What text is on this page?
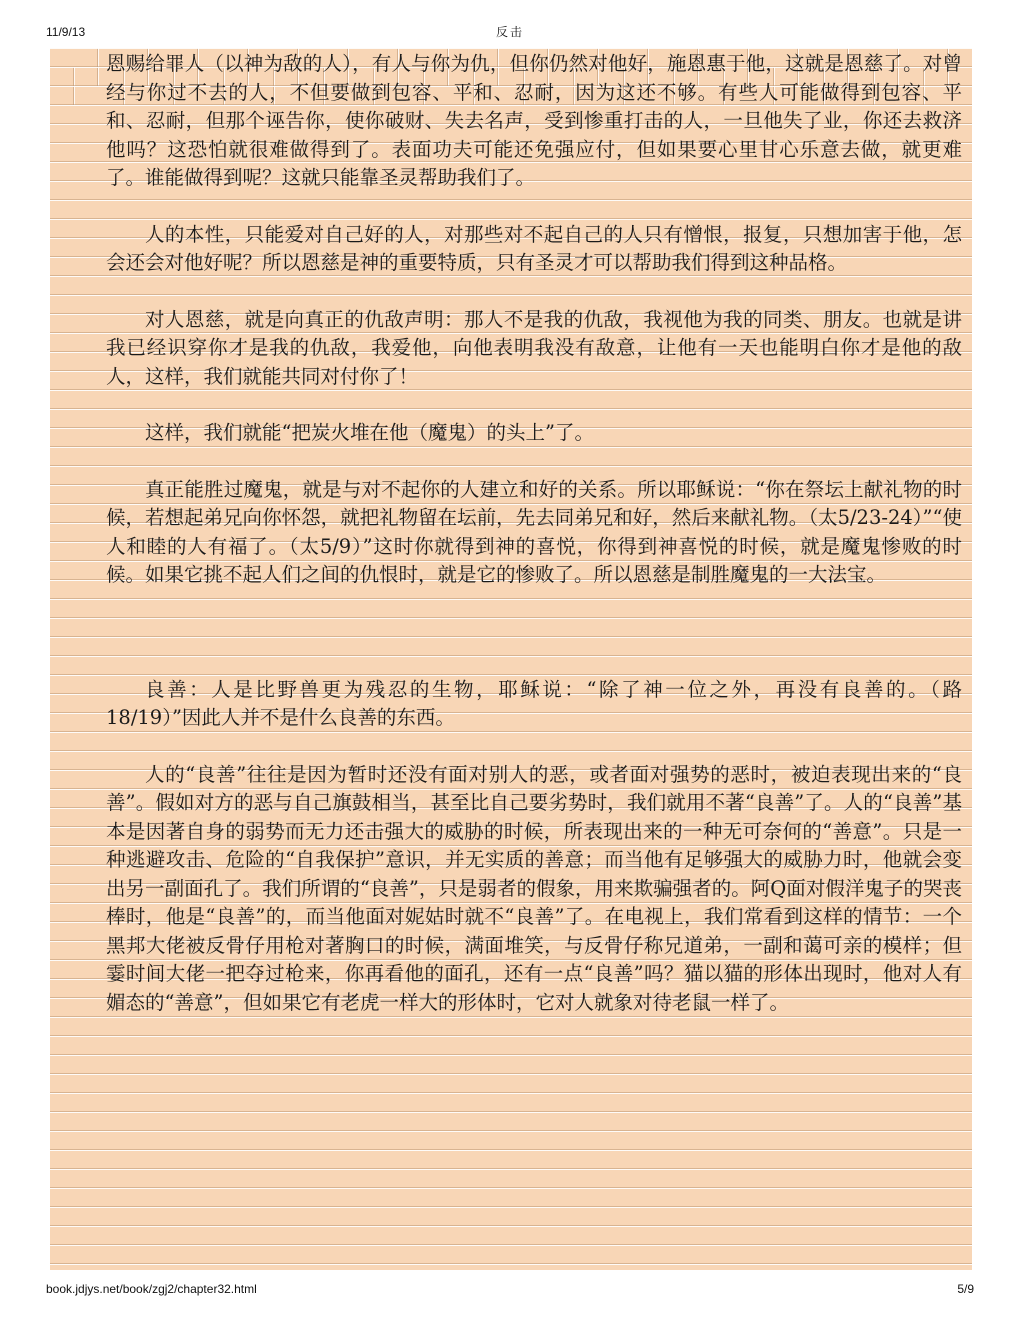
11/9/13	反击

恩赐给罪人（以神为敌的人），有人与你为仇，但你仍然对他好，施恩惠于他，这就是恩慈了。对曾经与你过不去的人，不但要做到包容、平和、忍耐，因为这还不够。有些人可能做得到包容、平和、忍耐，但那个诬告你，使你破财、失去名声，受到惨重打击的人，一旦他失了业，你还去救济他吗？这恐怕就很难做得到了。表面功夫可能还免强应付，但如果要心里甘心乐意去做，就更难了。谁能做得到呢？这就只能靠圣灵帮助我们了。

人的本性，只能爱对自己好的人，对那些对不起自己的人只有憎恨，报复，只想加害于他，怎会还会对他好呢？所以恩慈是神的重要特质，只有圣灵才可以帮助我们得到这种品格。

对人恩慈，就是向真正的仇敌声明：那人不是我的仇敌，我视他为我的同类、朋友。也就是讲我已经识穿你才是我的仇敌，我爱他，向他表明我没有敌意，让他有一天也能明白你才是他的敌人，这样，我们就能共同对付你了！

这样，我们就能“把炭火堆在他（魔鬼）的头上”了。

真正能胜过魔鬼，就是与对不起你的人建立和好的关系。所以耶稣说：“你在祭坛上献礼物的时候，若想起弟兄向你怀怨，就把礼物留在坛前，先去同弟兄和好，然后来献礼物。（太5/23-24）”“使人和睦的人有福了。（太5/9）”这时你就得到神的喜悦，你得到神喜悦的时候，就是魔鬼惨败的时候。如果它挑不起人们之间的仇恨时，就是它的惨败了。所以恩慈是制胜魔鬼的一大法宝。

良善：人是比野兽更为残忍的生物，耶稣说：“除了神一位之外，再没有良善的。（路18/19）”因此人并不是什么良善的东西。

人的“良善”往往是因为暂时还没有面对别人的恶，或者面对强势的恶时，被迫表现出来的“良善”。假如对方的恶与自己旗鼓相当，甚至比自己要劣势时，我们就用不著“良善”了。人的“良善”基本是因著自身的弱势而无力还击强大的威胁的时候，所表现出来的一种无可奈何的“善意”。只是一种逃避攻击、危险的“自我保护”意识，并无实质的善意；而当他有足够强大的威胁力时，他就会变出另一副面孔了。我们所谓的“良善”，只是弱者的假象，用来欺骗强者的。阿Q面对假洋鬼子的哭丧棒时，他是“良善”的，而当他面对妮姑时就不“良善”了。在电视上，我们常看到这样的情节：一个黑邦大佬被反骨仔用枪对著胸口的时候，满面堆笑，与反骨仔称兄道弟，一副和蔼可亲的模样；但霎时间大佬一把夺过枪来，你再看他的面孔，还有一点“良善”吗？猫以猫的形体出现时，他对人有媚态的“善意”，但如果它有老虎一样大的形体时，它对人就象对待老鼠一样了。

book.jdjys.net/book/zgj2/chapter32.html	5/9
